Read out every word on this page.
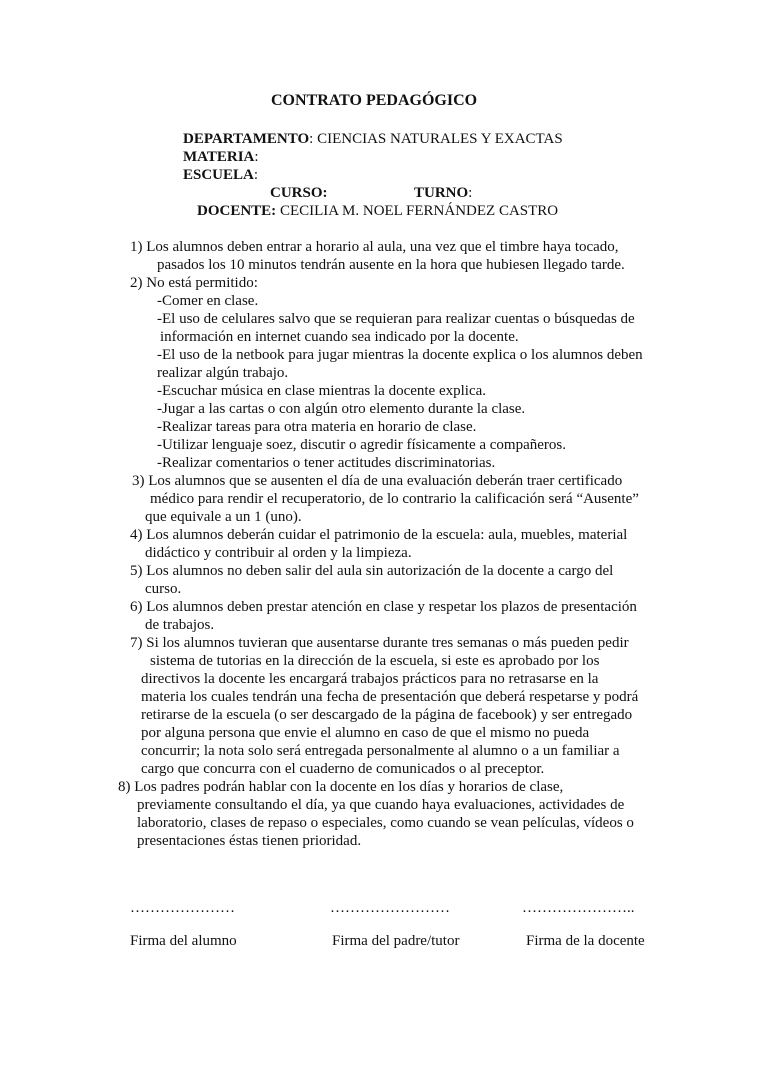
CONTRATO PEDAGÓGICO
DEPARTAMENTO: CIENCIAS NATURALES Y EXACTAS
MATERIA:
ESCUELA:
CURSO:	TURNO:
DOCENTE: CECILIA M. NOEL FERNÁNDEZ CASTRO
1) Los alumnos deben entrar a horario al aula, una vez que el timbre haya tocado,
pasados los 10 minutos tendrán ausente en la hora que hubiesen llegado tarde.
2) No está permitido:
-Comer en clase.
-El uso de celulares salvo que se requieran para realizar cuentas o búsquedas de
información en internet cuando sea indicado por la docente.
-El uso de la netbook para jugar mientras la docente explica o los alumnos deben
realizar algún trabajo.
-Escuchar música en clase mientras la docente explica.
-Jugar a las cartas o con algún otro elemento durante la clase.
-Realizar tareas para otra materia en horario de clase.
-Utilizar lenguaje soez, discutir o agredir físicamente a compañeros.
-Realizar comentarios o tener actitudes discriminatorias.
3) Los alumnos que se ausenten el día de una evaluación deberán traer certificado
médico para rendir el recuperatorio, de lo contrario la calificación será “Ausente”
que equivale a un 1 (uno).
4) Los alumnos deberán cuidar el patrimonio de la escuela: aula, muebles, material
didáctico y contribuir al orden y la limpieza.
5) Los alumnos no deben salir del aula sin autorización de la docente a cargo del
curso.
6) Los alumnos deben prestar atención en clase y respetar los plazos de presentación
de trabajos.
7) Si los alumnos tuvieran que ausentarse durante tres semanas o más pueden pedir
sistema de tutorias en la dirección de la escuela, si este es aprobado por los
directivos la docente les encargará trabajos prácticos para no retrasarse en la
materia los cuales tendrán una fecha de presentación que deberá respetarse y podrá
retirarse de la escuela (o ser descargado de la página de facebook) y ser entregado
por alguna persona que envie el alumno en caso de que el mismo no pueda
concurrir; la nota solo será entregada personalmente al alumno o a un familiar a
cargo que concurra con el cuaderno de comunicados o al preceptor.
8) Los padres podrán hablar con la docente en los días y horarios de clase,
previamente consultando el día, ya que cuando haya evaluaciones, actividades de
laboratorio, clases de repaso o especiales, como cuando se vean películas, vídeos o
presentaciones éstas tienen prioridad.
…………………	……………………	…………………..
Firma del alumno	Firma del padre/tutor	Firma de la docente
